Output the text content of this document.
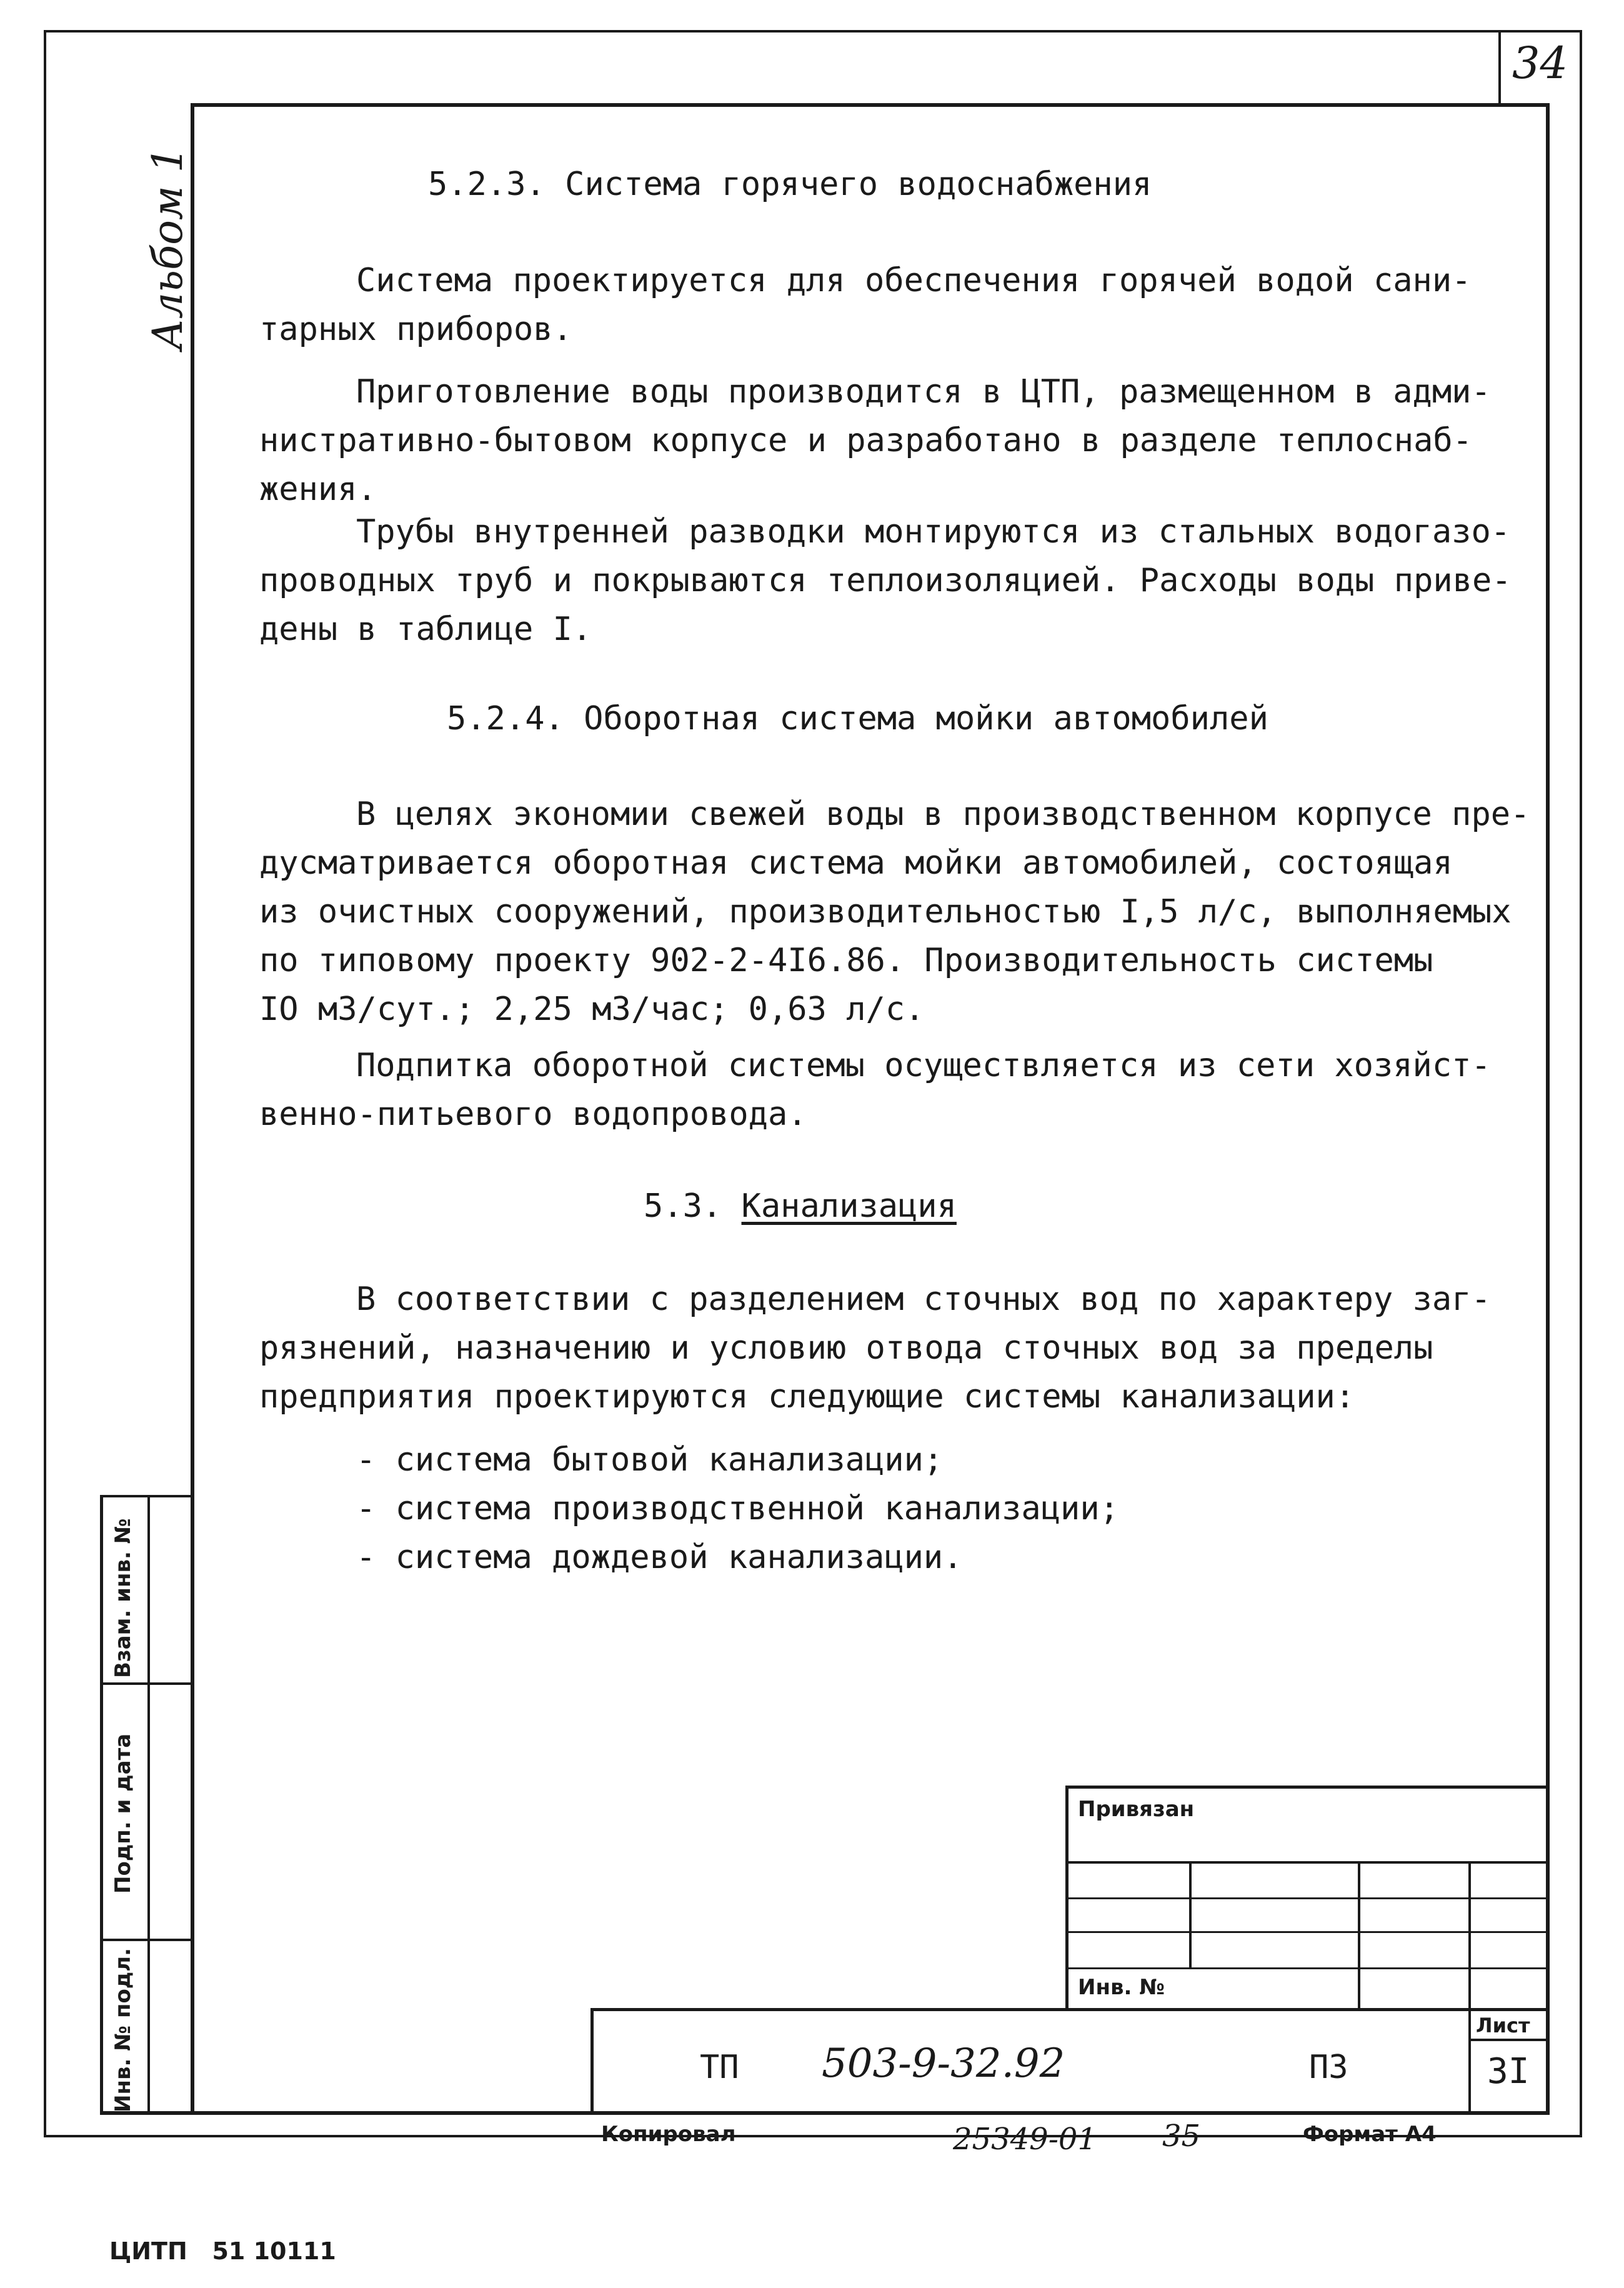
34
Альбом 1	5.2.3. Система горячего водоснабжения
Система проектируется для обеспечения горячей водой сани-
тарных приборов.
Приготовление воды производится в ЦТП, размещенном в адми-
нистративно-бытовом корпусе и разработано в разделе теплоснаб-
жения.
Трубы внутренней разводки монтируются из стальных водогазо-
проводных труб и покрываются теплоизоляцией. Расходы воды приве-
дены в таблице I.
5.2.4. Оборотная система мойки автомобилей
В целях экономии свежей воды в производственном корпусе пре-
дусматривается оборотная система мойки автомобилей, состоящая
из очистных сооружений, производительностью I,5 л/с, выполняемых
по типовому проекту 902-2-4I6.86. Производительность системы
IO м3/сут.; 2,25 м3/час; 0,63 л/с.
Подпитка оборотной системы осуществляется из сети хозяйст-
венно-питьевого водопровода.
5.3. Канализация
В соответствии с разделением сточных вод по характеру заг-
рязнений, назначению и условию отвода сточных вод за пределы
предприятия проектируются следующие системы канализации:
- система бытовой канализации;
- система производственной канализации;
- система дождевой канализации.
Взам. инв. №
Подп. и дата
Инв. № подл.
Привязан
Инв. №
Лист
3I
ТП 503-9-32.92	ПЗ
Копировал	25349-01 35	Формат А4
ЦИТП   51 10111
